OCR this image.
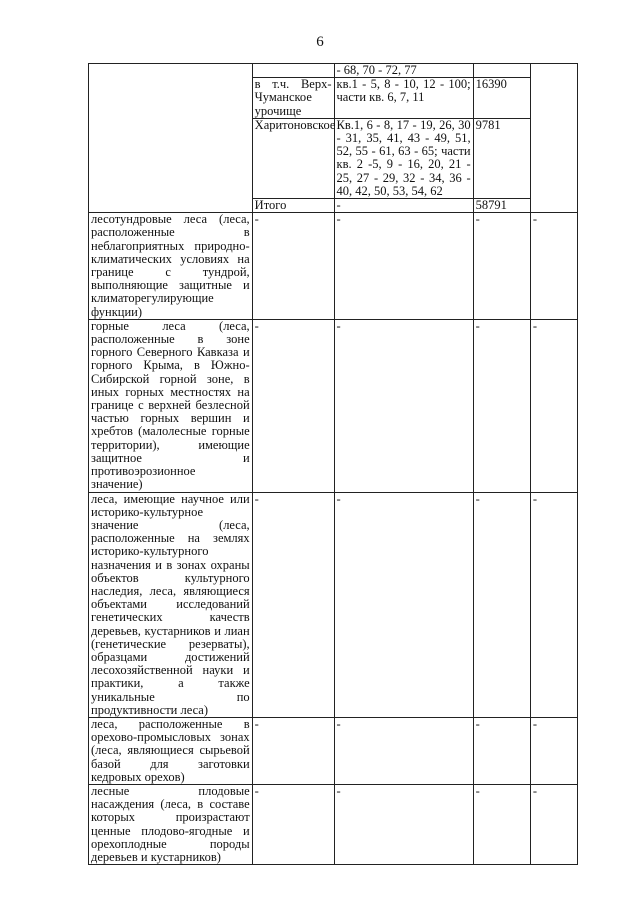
6
		- 68, 70 - 72, 77		
	в т.ч. Верх-Чуманское урочище	кв.1 - 5, 8 - 10, 12 - 100; части кв. 6, 7, 11	16390	
	Харитоновское	Кв.1, 6 - 8, 17 - 19, 26, 30 - 31, 35, 41, 43 - 49, 51, 52, 55 - 61, 63 - 65; части кв. 2 -5, 9 - 16, 20, 21 - 25, 27 - 29, 32 - 34, 36 - 40, 42, 50, 53, 54, 62	9781	
	Итого	-	58791	
лесотундровые леса (леса, расположенные в неблагоприятных природно-климатических условиях на границе с тундрой, выполняющие защитные и климаторегулирующие функции)	-	-	-	-
горные леса (леса, расположенные в зоне горного Северного Кавказа и горного Крыма, в Южно-Сибирской горной зоне, в иных горных местностях на границе с верхней безлесной частью горных вершин и хребтов (малолесные горные территории), имеющие защитное и противоэрозионное значение)	-	-	-	-
леса, имеющие научное или историко-культурное значение (леса, расположенные на землях историко-культурного назначения и в зонах охраны объектов культурного наследия, леса, являющиеся объектами исследований генетических качеств деревьев, кустарников и лиан (генетические резерваты), образцами достижений лесохозяйственной науки и практики, а также уникальные по продуктивности леса)	-	-	-	-
леса, расположенные в орехово-промысловых зонах (леса, являющиеся сырьевой базой для заготовки кедровых орехов)	-	-	-	-
лесные плодовые насаждения (леса, в составе которых произрастают ценные плодово-ягодные и орехоплодные породы деревьев и кустарников)	-	-	-	-
